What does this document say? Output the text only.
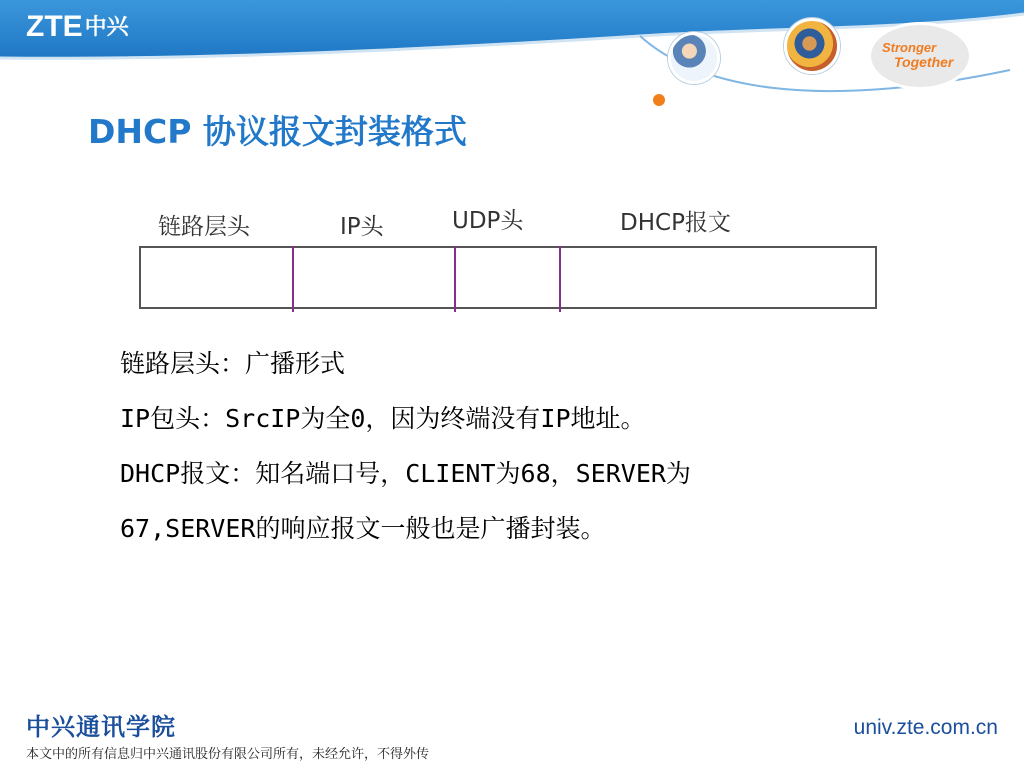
ZTE中兴
Stronger
Together
DHCP 协议报文封装格式
链路层头	IP头	UDP头	DHCP报文

链路层头：广播形式

IP包头：SrcIP为全0，因为终端没有IP地址。

DHCP报文：知名端口号，CLIENT为68，SERVER为

67,SERVER的响应报文一般也是广播封装。

中兴通讯学院
本文中的所有信息归中兴通讯股份有限公司所有，未经允许，不得外传
univ.zte.com.cn
